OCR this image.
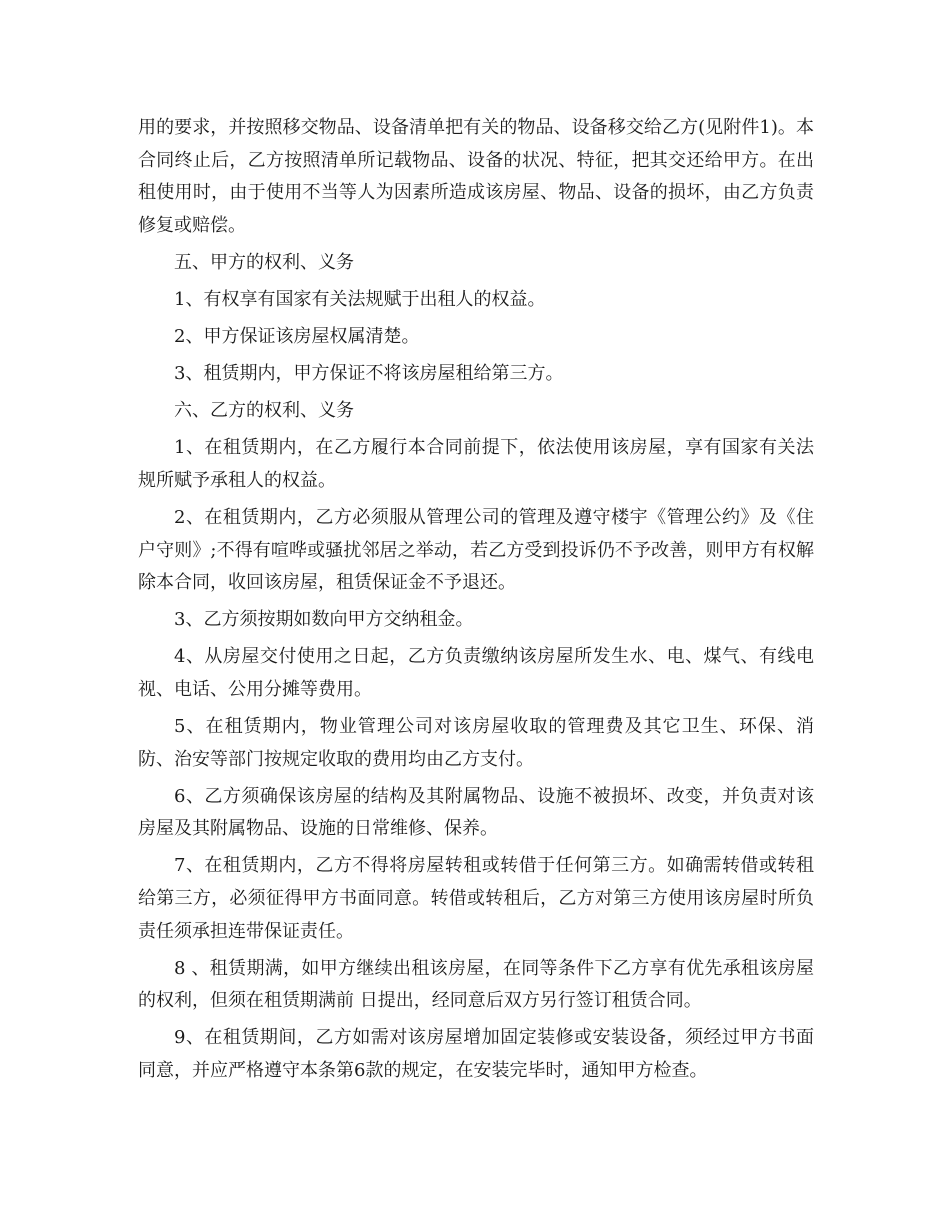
用的要求，并按照移交物品、设备清单把有关的物品、设备移交给乙方(见附件1)。本合同终止后，乙方按照清单所记载物品、设备的状况、特征，把其交还给甲方。在出租使用时，由于使用不当等人为因素所造成该房屋、物品、设备的损坏，由乙方负责修复或赔偿。

五、甲方的权利、义务

1、有权享有国家有关法规赋于出租人的权益。

2、甲方保证该房屋权属清楚。

3、租赁期内，甲方保证不将该房屋租给第三方。

六、乙方的权利、义务

1、在租赁期内，在乙方履行本合同前提下，依法使用该房屋，享有国家有关法规所赋予承租人的权益。

2、在租赁期内，乙方必须服从管理公司的管理及遵守楼宇《管理公约》及《住户守则》;不得有喧哗或骚扰邻居之举动，若乙方受到投诉仍不予改善，则甲方有权解除本合同，收回该房屋，租赁保证金不予退还。

3、乙方须按期如数向甲方交纳租金。

4、从房屋交付使用之日起，乙方负责缴纳该房屋所发生水、电、煤气、有线电视、电话、公用分摊等费用。

5、在租赁期内，物业管理公司对该房屋收取的管理费及其它卫生、环保、消防、治安等部门按规定收取的费用均由乙方支付。

6、乙方须确保该房屋的结构及其附属物品、设施不被损坏、改变，并负责对该房屋及其附属物品、设施的日常维修、保养。

7、在租赁期内，乙方不得将房屋转租或转借于任何第三方。如确需转借或转租给第三方，必须征得甲方书面同意。转借或转租后，乙方对第三方使用该房屋时所负责任须承担连带保证责任。

8 、租赁期满，如甲方继续出租该房屋，在同等条件下乙方享有优先承租该房屋的权利，但须在租赁期满前 日提出，经同意后双方另行签订租赁合同。

9、在租赁期间，乙方如需对该房屋增加固定装修或安装设备，须经过甲方书面同意，并应严格遵守本条第6款的规定，在安装完毕时，通知甲方检查。
